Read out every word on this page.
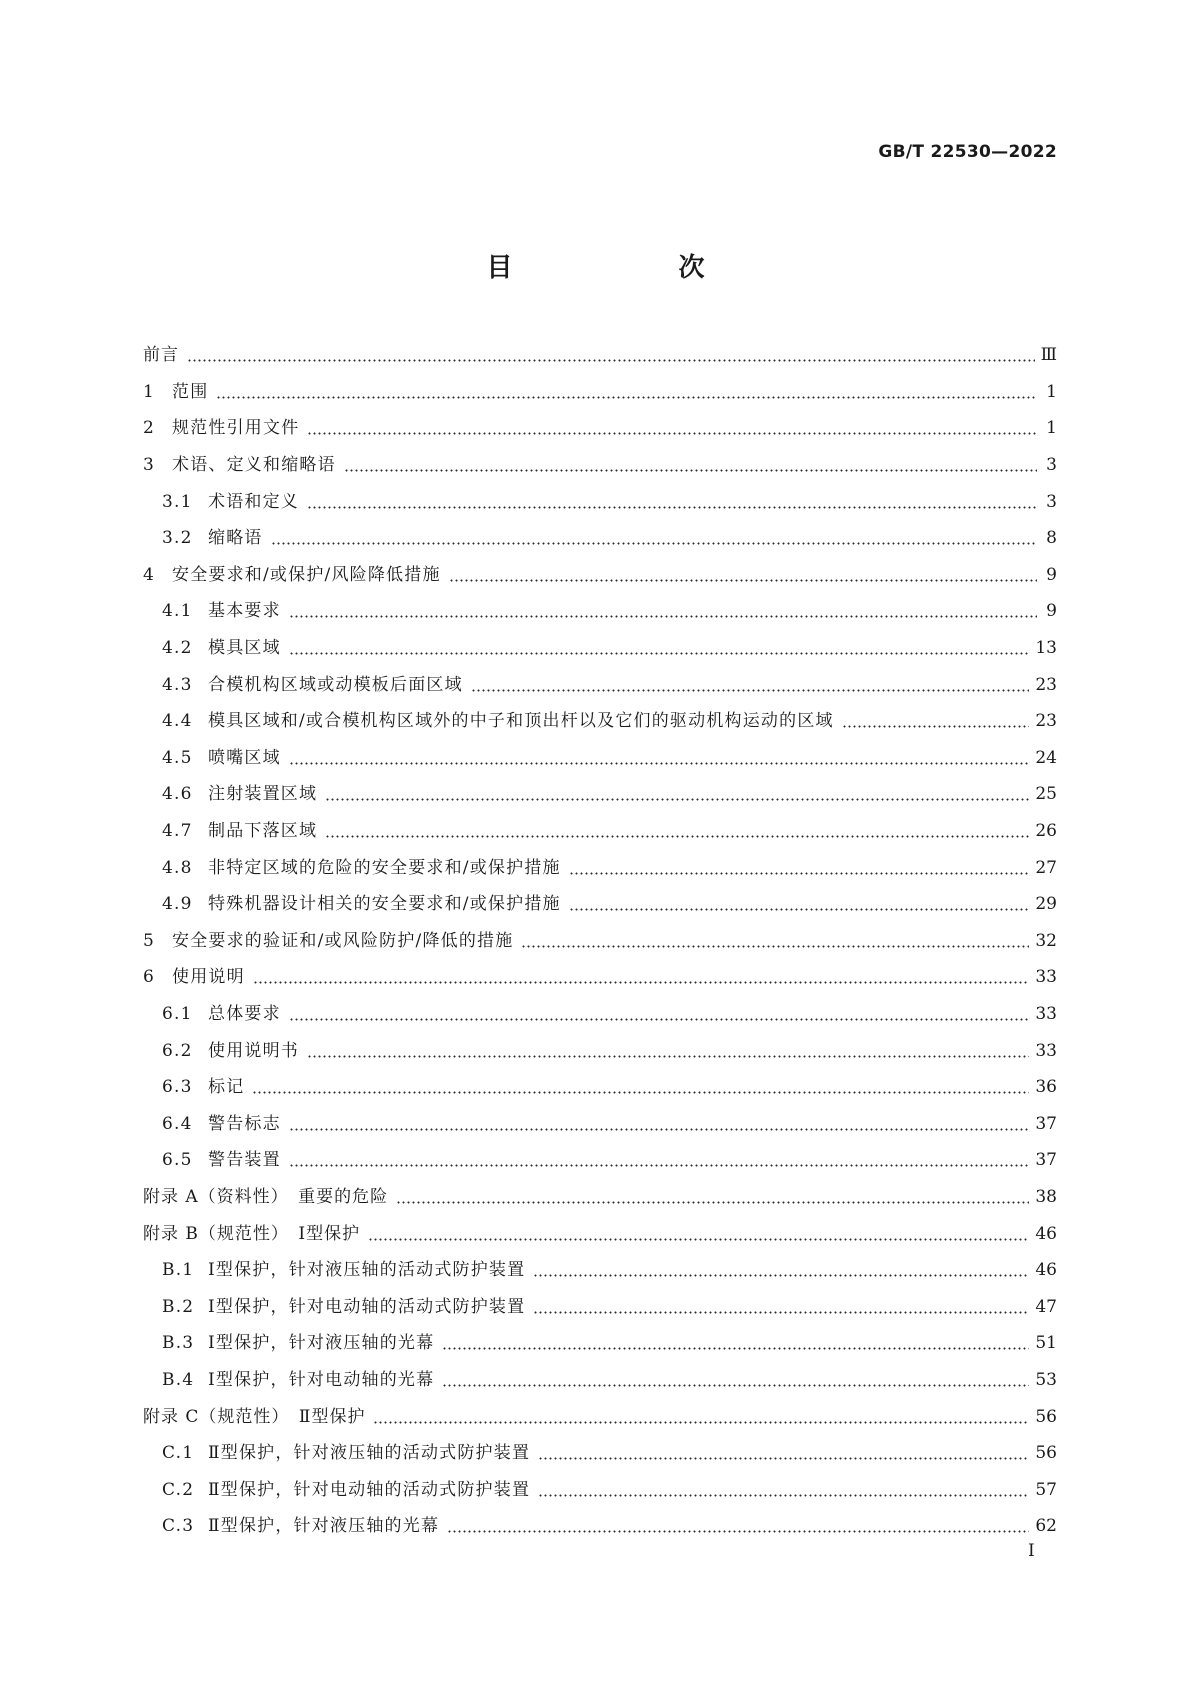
GB/T 22530—2022
目　次
前言	Ⅲ
1 范围	1
2 规范性引用文件	1
3 术语、定义和缩略语	3
3.1 术语和定义	3
3.2 缩略语	8
4 安全要求和/或保护/风险降低措施	9
4.1 基本要求	9
4.2 模具区域	13
4.3 合模机构区域或动模板后面区域	23
4.4 模具区域和/或合模机构区域外的中子和顶出杆以及它们的驱动机构运动的区域	23
4.5 喷嘴区域	24
4.6 注射装置区域	25
4.7 制品下落区域	26
4.8 非特定区域的危险的安全要求和/或保护措施	27
4.9 特殊机器设计相关的安全要求和/或保护措施	29
5 安全要求的验证和/或风险防护/降低的措施	32
6 使用说明	33
6.1 总体要求	33
6.2 使用说明书	33
6.3 标记	36
6.4 警告标志	37
6.5 警告装置	37
附录 A（资料性）　重要的危险	38
附录 B（规范性）　Ⅰ型保护	46
B.1 Ⅰ型保护，针对液压轴的活动式防护装置	46
B.2 Ⅰ型保护，针对电动轴的活动式防护装置	47
B.3 Ⅰ型保护，针对液压轴的光幕	51
B.4 Ⅰ型保护，针对电动轴的光幕	53
附录 C（规范性）　Ⅱ型保护	56
C.1 Ⅱ型保护，针对液压轴的活动式防护装置	56
C.2 Ⅱ型保护，针对电动轴的活动式防护装置	57
C.3 Ⅱ型保护，针对液压轴的光幕	62
Ⅰ
